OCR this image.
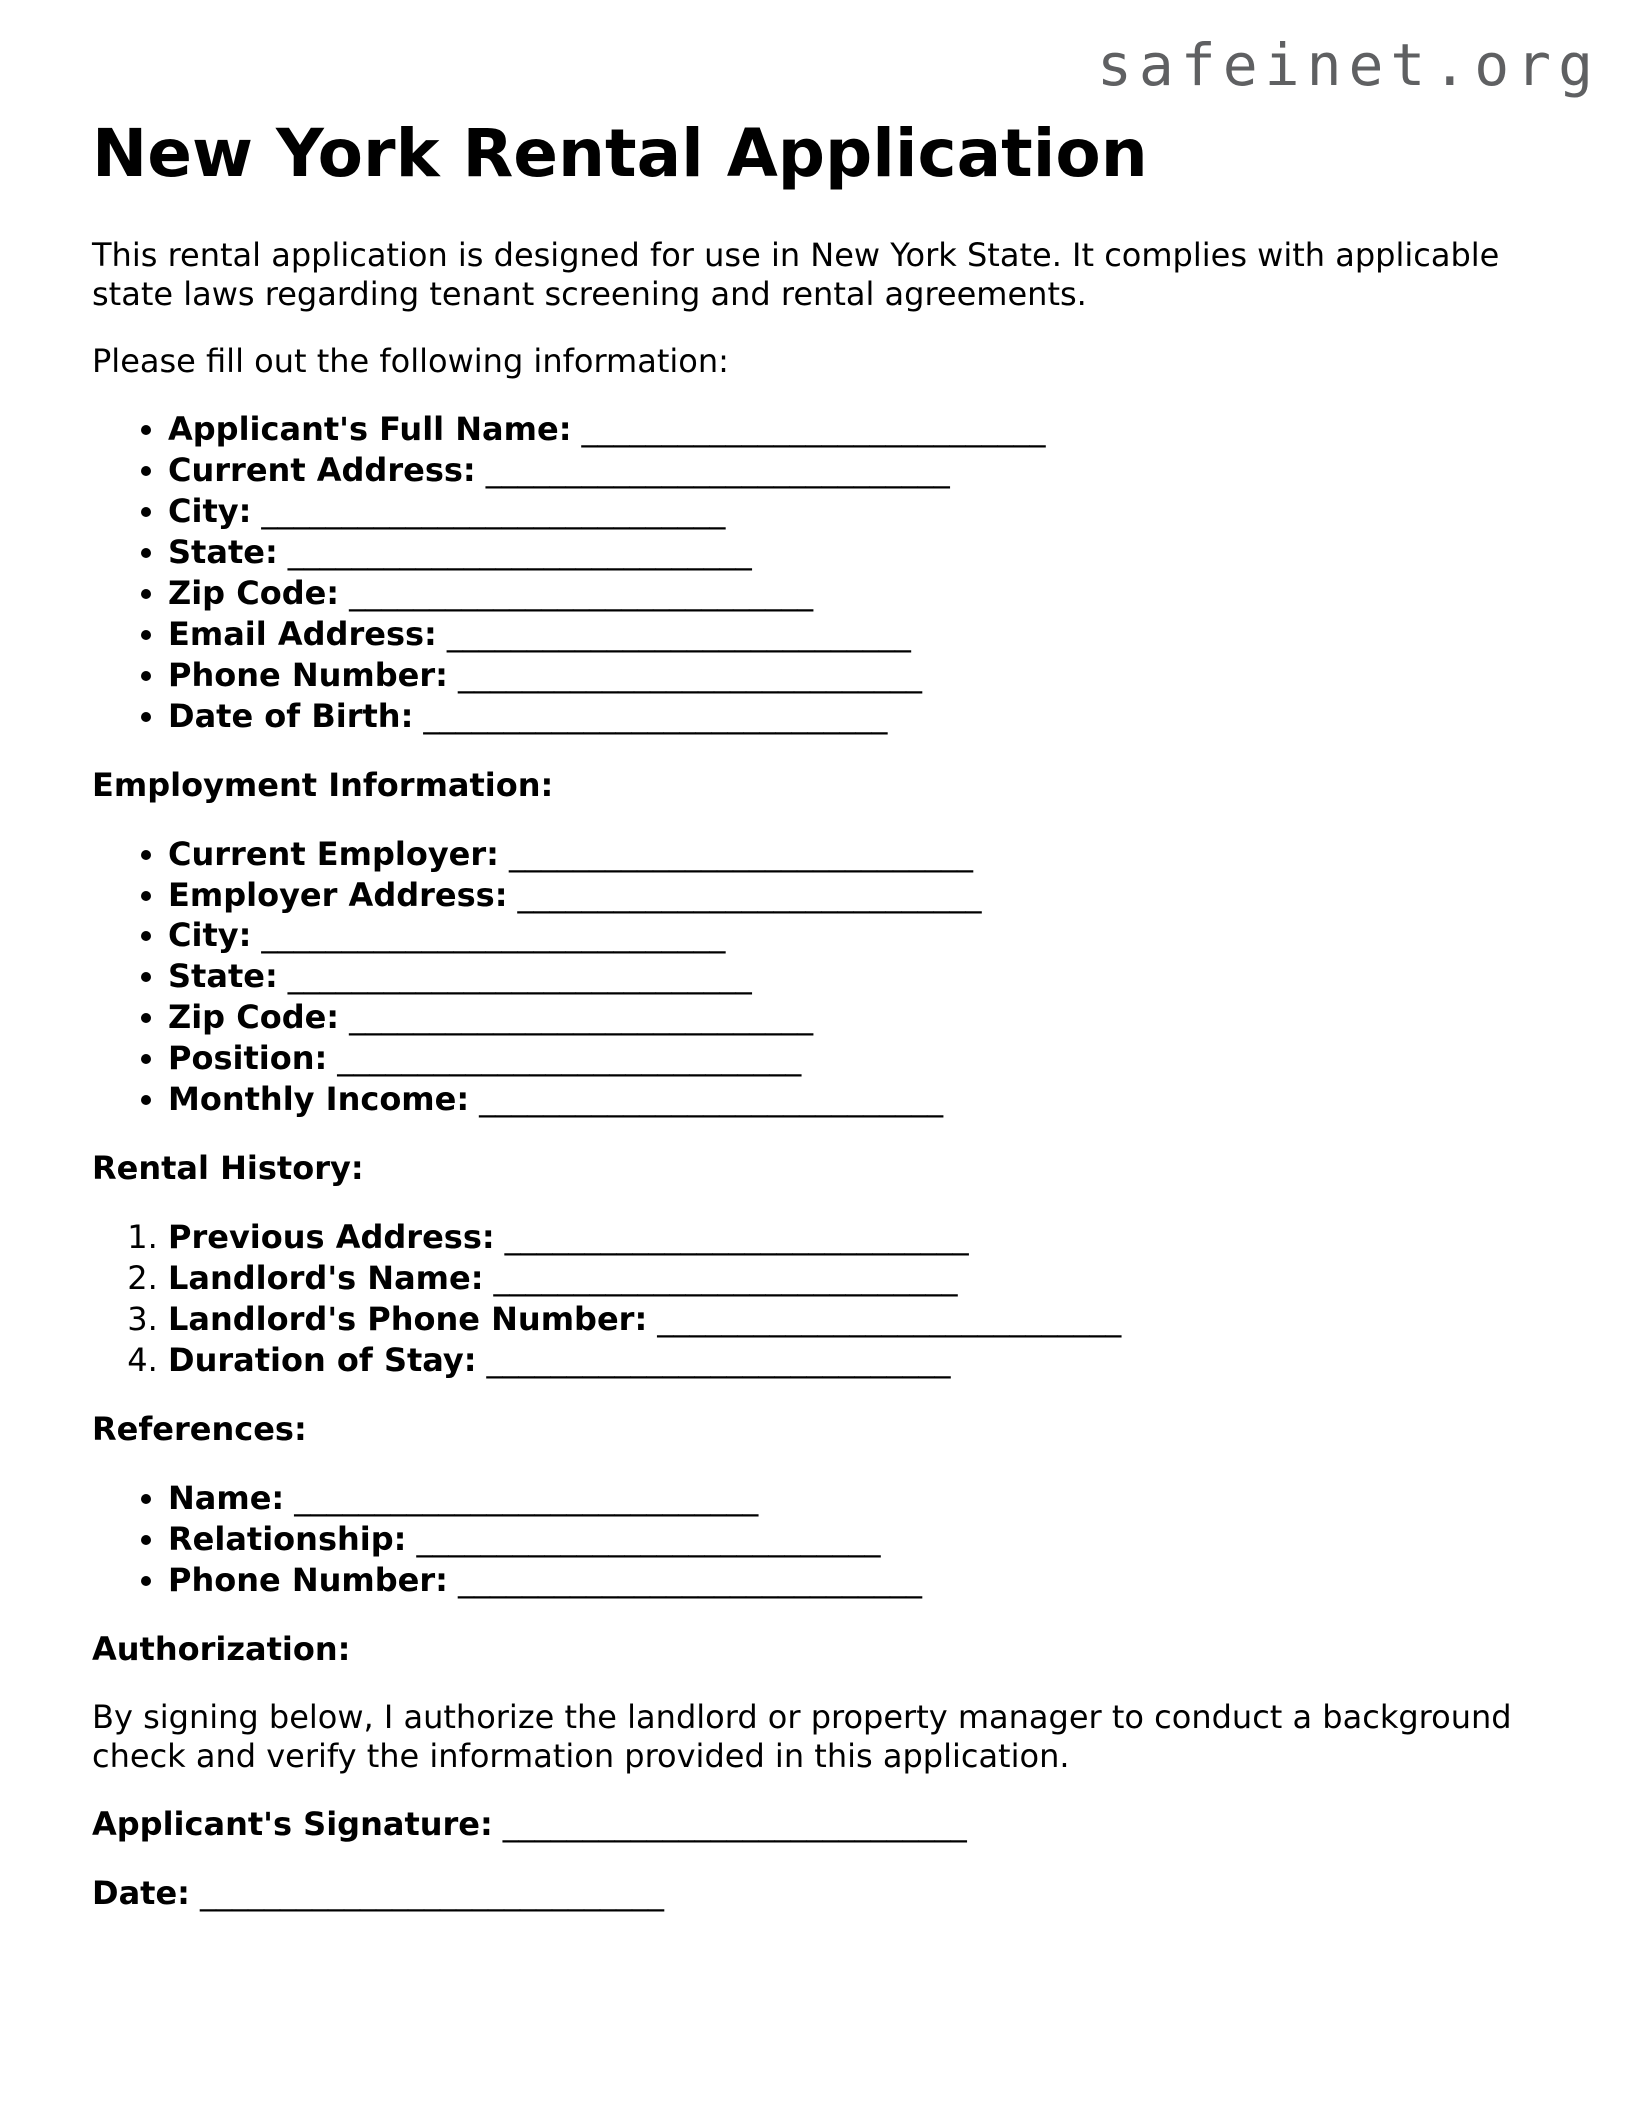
safeinet.org
New York Rental Application

This rental application is designed for use in New York State. It complies with applicable
state laws regarding tenant screening and rental agreements.

Please fill out the following information:

• Applicant's Full Name: _____________________________
• Current Address: _____________________________
• City: _____________________________
• State: _____________________________
• Zip Code: _____________________________
• Email Address: _____________________________
• Phone Number: _____________________________
• Date of Birth: _____________________________
Employment Information:
• Current Employer: _____________________________
• Employer Address: _____________________________
• City: _____________________________
• State: _____________________________
• Zip Code: _____________________________
• Position: _____________________________
• Monthly Income: _____________________________
Rental History:
1. Previous Address: _____________________________
2. Landlord's Name: _____________________________
3. Landlord's Phone Number: _____________________________
4. Duration of Stay: _____________________________
References:
• Name: _____________________________
• Relationship: _____________________________
• Phone Number: _____________________________
Authorization:

By signing below, I authorize the landlord or property manager to conduct a background
check and verify the information provided in this application.

Applicant's Signature: _____________________________

Date: _____________________________
